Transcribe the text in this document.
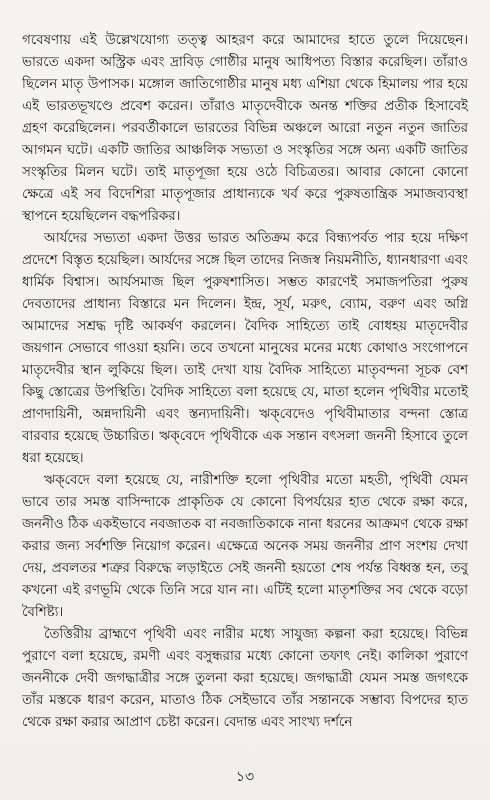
গবেষণায় এই উল্লেখযোগ্য তত্ত্ব আহরণ করে আমাদের হাতে তুলে দিয়েছেন। ভারতে একদা অস্ট্রিক এবং দ্রাবিড় গোষ্ঠীর মানুষ আধিপত্য বিস্তার করেছিল। তাঁরাও ছিলেন মাতৃ উপাসক। মঙ্গোল জাতিগোষ্ঠীর মানুষ মধ্য এশিয়া থেকে হিমালয় পার হয়ে এই ভারতভূখণ্ডে প্রবেশ করেন। তাঁরাও মাতৃদেবীকে অনন্ত শক্তির প্রতীক হিসাবেই গ্রহণ করেছিলেন। পরবর্তীকালে ভারতের বিভিন্ন অঞ্চলে আরো নতুন নতুন জাতির আগমন ঘটে। একটি জাতির আঞ্চলিক সভ্যতা ও সংস্কৃতির সঙ্গে অন্য একটি জাতির সংস্কৃতির মিলন ঘটে। তাই মাতৃপূজা হয়ে ওঠে বিচিত্রতর। আবার কোনো কোনো ক্ষেত্রে এই সব বিদেশিরা মাতৃপূজার প্রাধান্যকে খর্ব করে পুরুষতান্ত্রিক সমাজব্যবস্থা স্থাপনে হয়েছিলেন বদ্ধপরিকর।

আর্যদের সভ্যতা একদা উত্তর ভারত অতিক্রম করে বিন্ধ্যপর্বত পার হয়ে দক্ষিণ প্রদেশে বিস্তৃত হয়েছিল। আর্যদের সঙ্গে ছিল তাদের নিজস্ব নিয়মনীতি, ধ্যানধারণা এবং ধার্মিক বিশ্বাস। আর্যসমাজ ছিল পুরুষশাসিত। সম্ভত কারণেই সমাজপতিরা পুরুষ দেবতাদের প্রাধান্য বিস্তারে মন দিলেন। ইন্দ্র, সূর্য, মরুৎ, ব্যোম, বরুণ এবং অগ্নি আমাদের সশ্রদ্ধ দৃষ্টি আকর্ষণ করলেন। বৈদিক সাহিত্যে তাই বোধহয় মাতৃদেবীর জয়গান সেভাবে গাওয়া হয়নি। তবে তখনো মানুষের মনের মধ্যে কোথাও সংগোপনে মাতৃদেবীর স্থান লুকিয়ে ছিল। তাই দেখা যায় বৈদিক সাহিত্যে মাতৃবন্দনা সূচক বেশ কিছু স্তোত্রের উপস্থিতি। বৈদিক সাহিত্যে বলা হয়েছে যে, মাতা হলেন পৃথিবীর মতোই প্রাণদায়িনী, অন্নদায়িনী এবং স্তন্যদায়িনী। ঋক্‌বেদেও পৃথিবীমাতার বন্দনা স্তোত্র বারবার হয়েছে উচ্চারিত। ঋক্‌বেদে পৃথিবীকে এক সন্তান বৎসলা জননী হিসাবে তুলে ধরা হয়েছে।

ঋক্‌বেদে বলা হয়েছে যে, নারীশক্তি হলো পৃথিবীর মতো মহতী, পৃথিবী যেমন ভাবে তার সমস্ত বাসিন্দাকে প্রাকৃতিক যে কোনো বিপর্যয়ের হাত থেকে রক্ষা করে, জননীও ঠিক একইভাবে নবজাতক বা নবজাতিকাকে নানা ধরনের আক্রমণ থেকে রক্ষা করার জন্য সর্বশক্তি নিয়োগ করেন। এক্ষেত্রে অনেক সময় জননীর প্রাণ সংশয় দেখা দেয়, প্রবলতর শত্রুর বিরুদ্ধে লড়াইতে সেই জননী হয়তো শেষ পর্যন্ত বিধ্বস্ত হন, তবু কখনো এই রণভূমি থেকে তিনি সরে যান না। এটিই হলো মাতৃশক্তির সব থেকে বড়ো বৈশিষ্ট্য।

তৈত্তিরীয় ব্রাহ্মণে পৃথিবী এবং নারীর মধ্যে সাযুজ্য কল্পনা করা হয়েছে। বিভিন্ন পুরাণে বলা হয়েছে, রমণী এবং বসুন্ধরার মধ্যে কোনো তফাৎ নেই। কালিকা পুরাণে জননীকে দেবী জগদ্ধাত্রীর সঙ্গে তুলনা করা হয়েছে। জগদ্ধাত্রী যেমন সমস্ত জগৎকে তাঁর মস্তকে ধারণ করেন, মাতাও ঠিক সেইভাবে তাঁর সন্তানকে সম্ভাব্য বিপদের হাত থেকে রক্ষা করার আপ্রাণ চেষ্টা করেন। বেদান্ত এবং সাংখ্য দর্শনে

১৩
